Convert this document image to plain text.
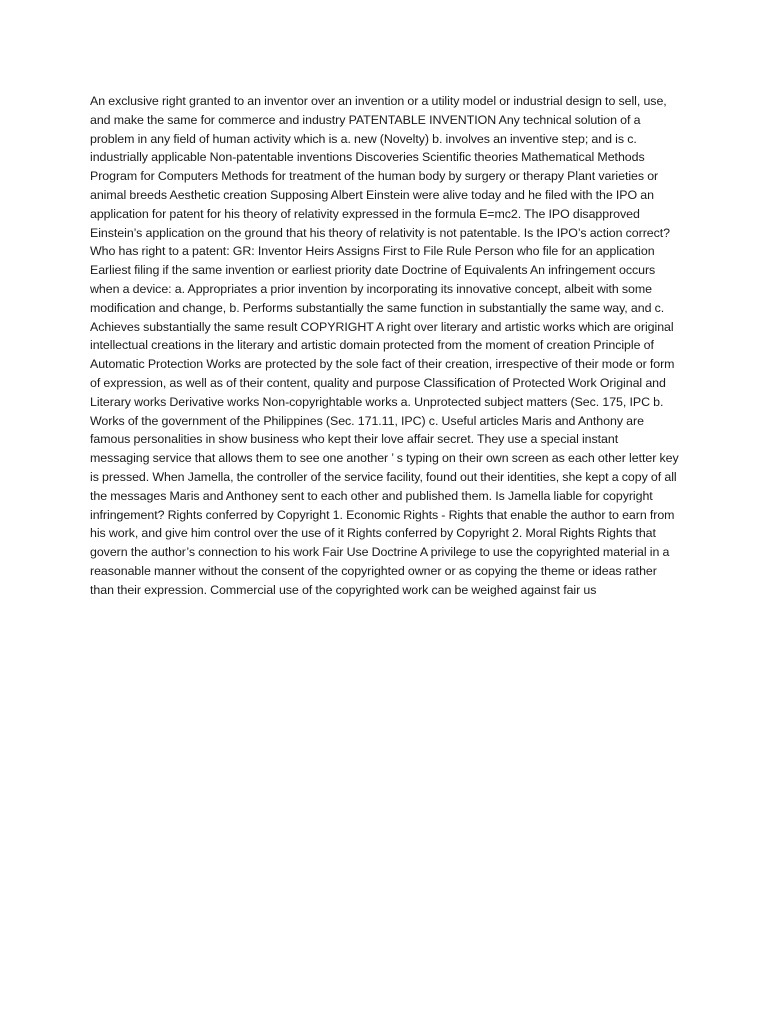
An exclusive right granted to an inventor over an invention or a utility model or industrial design to sell, use, and make the same for commerce and industry PATENTABLE INVENTION Any technical solution of a problem in any field of human activity which is a. new (Novelty) b. involves an inventive step; and is c. industrially applicable Non-patentable inventions Discoveries Scientific theories Mathematical Methods Program for Computers Methods for treatment of the human body by surgery or therapy Plant varieties or animal breeds Aesthetic creation Supposing Albert Einstein were alive today and he filed with the IPO an application for patent for his theory of relativity expressed in the formula E=mc2. The IPO disapproved Einstein’s application on the ground that his theory of relativity is not patentable. Is the IPO’s action correct? Who has right to a patent: GR: Inventor Heirs Assigns First to File Rule Person who file for an application Earliest filing if the same invention or earliest priority date Doctrine of Equivalents An infringement occurs when a device: a. Appropriates a prior invention by incorporating its innovative concept, albeit with some modification and change, b. Performs substantially the same function in substantially the same way, and c. Achieves substantially the same result COPYRIGHT A right over literary and artistic works which are original intellectual creations in the literary and artistic domain protected from the moment of creation Principle of Automatic Protection Works are protected by the sole fact of their creation, irrespective of their mode or form of expression, as well as of their content, quality and purpose Classification of Protected Work Original and Literary works Derivative works Non-copyrightable works a. Unprotected subject matters (Sec. 175, IPC b. Works of the government of the Philippines (Sec. 171.11, IPC) c. Useful articles Maris and Anthony are famous personalities in show business who kept their love affair secret. They use a special instant messaging service that allows them to see one another ’ s typing on their own screen as each other letter key is pressed. When Jamella, the controller of the service facility, found out their identities, she kept a copy of all the messages Maris and Anthoney sent to each other and published them. Is Jamella liable for copyright infringement? Rights conferred by Copyright 1. Economic Rights - Rights that enable the author to earn from his work, and give him control over the use of it Rights conferred by Copyright 2. Moral Rights Rights that govern the author’s connection to his work Fair Use Doctrine A privilege to use the copyrighted material in a reasonable manner without the consent of the copyrighted owner or as copying the theme or ideas rather than their expression. Commercial use of the copyrighted work can be weighed against fair us
